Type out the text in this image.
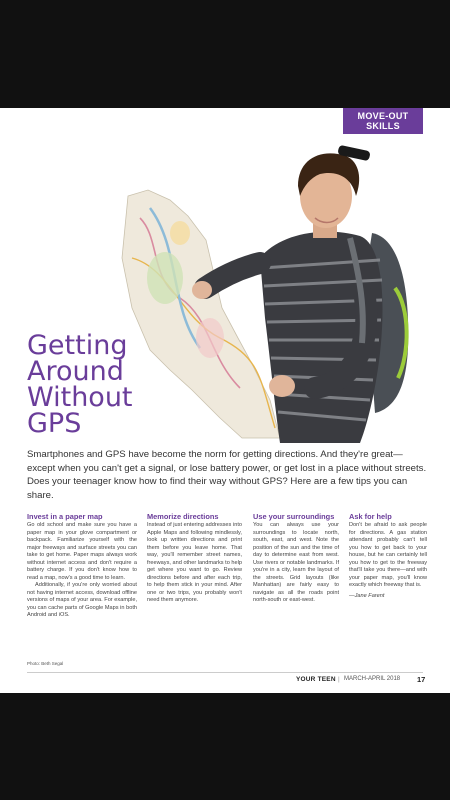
MOVE-OUT
SKILLS
Getting
Around
Without
GPS
Smartphones and GPS have become the norm for getting directions. And they're great—except when you can't get a signal, or lose battery power, or get lost in a place without streets. Does your teenager know how to find their way without GPS? Here are a few tips you can share.
Invest in a paper map

Go old school and make sure you have a paper map in your glove compartment or backpack. Familiarize yourself with the major freeways and surface streets you can take to get home. Paper maps always work without internet access and don't require a battery charge. If you don't know how to read a map, now's a good time to learn.

Additionally, if you're only worried about not having internet access, download offline versions of maps of your area. For example, you can cache parts of Google Maps in both Android and iOS.

Memorize directions

Instead of just entering addresses into Apple Maps and following mindlessly, look up written directions and print them before you leave home. That way, you'll remember street names, freeways, and other landmarks to help get where you want to go. Review directions before and after each trip, to help them stick in your mind. After one or two trips, you probably won't need them anymore.

Use your surroundings

You can always use your surroundings to locate north, south, east, and west. Note the position of the sun and the time of day to determine east from west. Use rivers or notable landmarks. If you're in a city, learn the layout of the streets. Grid layouts (like Manhattan) are fairly easy to navigate as all the roads point north-south or east-west.

Ask for help

Don't be afraid to ask people for directions. A gas station attendant probably can't tell you how to get back to your house, but he can certainly tell you how to get to the freeway that'll take you there—and with your paper map, you'll know exactly which freeway that is.

—Jane Farent

Photo: Beth Segal
YOUR TEEN | MARCH-APRIL 2018 17
